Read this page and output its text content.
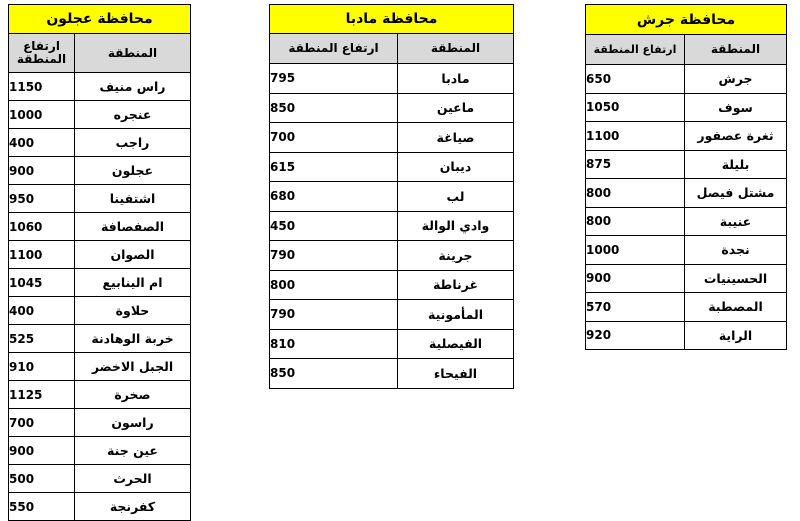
محافظة عجلون	
ارتفاع المنطقة	المنطقة
1150	راس منيف
1000	عنجره
400	راجب
900	عجلون
950	اشتفينا
1060	الصفصافة
1100	الصوان
1045	ام الينابيع
400	حلاوة
525	خربة الوهادنة
910	الجبل الاخضر
1125	صخرة
700	راسون
900	عين جنة
500	الحرث
550	كفرنجة
محافظة مادبا	
ارتفاع المنطقة	المنطقة
795	مادبا
850	ماعين
700	صياغة
615	ديبان
680	لب
450	وادي الوالة
790	جرينة
800	غرناطة
790	المأمونية
810	الفيصلية
850	الفيحاء
محافظة جرش	
ارتفاع المنطقة	المنطقة
650	جرش
1050	سوف
1100	ثغرة عصفور
875	بليلة
800	مشتل فيصل
800	عنيبة
1000	نجدة
900	الحسينيات
570	المصطبة
920	الراية
